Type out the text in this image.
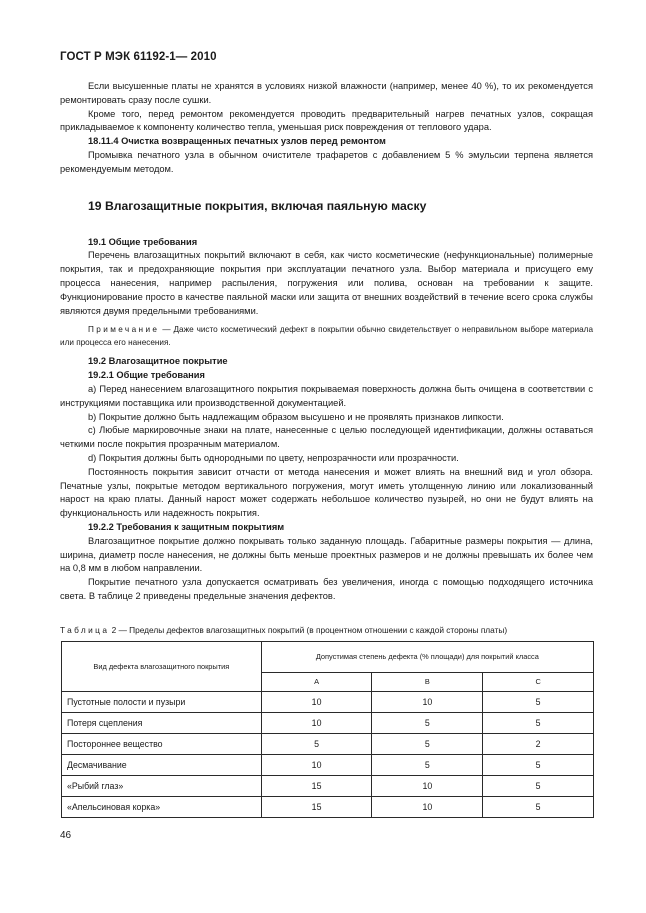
ГОСТ Р МЭК 61192-1— 2010

Если высушенные платы не хранятся в условиях низкой влажности (например, менее 40 %), то их рекомендуется ремонтировать сразу после сушки.

Кроме того, перед ремонтом рекомендуется проводить предварительный нагрев печатных узлов, сокращая прикладываемое к компоненту количество тепла, уменьшая риск повреждения от теплового удара.

18.11.4 Очистка возвращенных печатных узлов перед ремонтом

Промывка печатного узла в обычном очистителе трафаретов с добавлением 5 % эмульсии терпена является рекомендуемым методом.

19 Влагозащитные покрытия, включая паяльную маску
19.1 Общие требования

Перечень влагозащитных покрытий включают в себя, как чисто косметические (нефункциональные) полимерные покрытия, так и предохраняющие покрытия при эксплуатации печатного узла. Выбор материала и присущего ему процесса нанесения, например распыления, погружения или полива, основан на требовании к защите. Функционирование просто в качестве паяльной маски или защита от внешних воздействий в течение всего срока службы являются двумя предельными требованиями.

Примечание — Даже чисто косметический дефект в покрытии обычно свидетельствует о неправильном выборе материала или процесса его нанесения.
19.2 Влагозащитное покрытие
19.2.1 Общие требования

a) Перед нанесением влагозащитного покрытия покрываемая поверхность должна быть очищена в соответствии с инструкциями поставщика или производственной документацией.

b) Покрытие должно быть надлежащим образом высушено и не проявлять признаков липкости.

c) Любые маркировочные знаки на плате, нанесенные с целью последующей идентификации, должны оставаться четкими после покрытия прозрачным материалом.

d) Покрытия должны быть однородными по цвету, непрозрачности или прозрачности.

Постоянность покрытия зависит отчасти от метода нанесения и может влиять на внешний вид и угол обзора. Печатные узлы, покрытые методом вертикального погружения, могут иметь утолщенную линию или локализованный нарост на краю платы. Данный нарост может содержать небольшое количество пузырей, но они не будут влиять на функциональность или надежность покрытия.

19.2.2 Требования к защитным покрытиям

Влагозащитное покрытие должно покрывать только заданную площадь. Габаритные размеры покрытия — длина, ширина, диаметр после нанесения, не должны быть меньше проектных размеров и не должны превышать их более чем на 0,8 мм в любом направлении.

Покрытие печатного узла допускается осматривать без увеличения, иногда с помощью подходящего источника света. В таблице 2 приведены предельные значения дефектов.

Таблица 2 — Пределы дефектов влагозащитных покрытий (в процентном отношении с каждой стороны платы)
Вид дефекта влагозащитного покрытия	Допустимая степень дефекта (% площади) для покрытий класса		
	A	B	C
Пустотные полости и пузыри	10	10	5
Потеря сцепления	10	5	5
Постороннее вещество	5	5	2
Десмачивание	10	5	5
«Рыбий глаз»	15	10	5
«Апельсиновая корка»	15	10	5
46
